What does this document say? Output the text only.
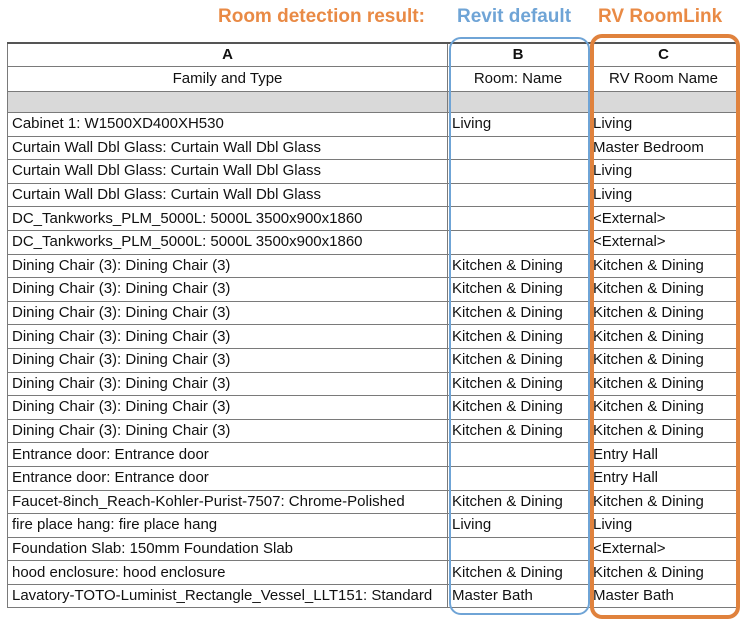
Room detection result: Revit default RV RoomLink
A	B	C
Family and Type	Room: Name	RV Room Name

Cabinet 1: W1500XD400XH530	Living	Living
Curtain Wall Dbl Glass: Curtain Wall Dbl Glass		Master Bedroom
Curtain Wall Dbl Glass: Curtain Wall Dbl Glass		Living
Curtain Wall Dbl Glass: Curtain Wall Dbl Glass		Living
DC_Tankworks_PLM_5000L: 5000L 3500x900x1860		<External>
DC_Tankworks_PLM_5000L: 5000L 3500x900x1860		<External>
Dining Chair (3): Dining Chair (3)	Kitchen & Dining	Kitchen & Dining
Dining Chair (3): Dining Chair (3)	Kitchen & Dining	Kitchen & Dining
Dining Chair (3): Dining Chair (3)	Kitchen & Dining	Kitchen & Dining
Dining Chair (3): Dining Chair (3)	Kitchen & Dining	Kitchen & Dining
Dining Chair (3): Dining Chair (3)	Kitchen & Dining	Kitchen & Dining
Dining Chair (3): Dining Chair (3)	Kitchen & Dining	Kitchen & Dining
Dining Chair (3): Dining Chair (3)	Kitchen & Dining	Kitchen & Dining
Dining Chair (3): Dining Chair (3)	Kitchen & Dining	Kitchen & Dining
Entrance door: Entrance door		Entry Hall
Entrance door: Entrance door		Entry Hall
Faucet-8inch_Reach-Kohler-Purist-7507: Chrome-Polished	Kitchen & Dining	Kitchen & Dining
fire place hang: fire place hang	Living	Living
Foundation Slab: 150mm Foundation Slab		<External>
hood enclosure: hood enclosure	Kitchen & Dining	Kitchen & Dining
Lavatory-TOTO-Luminist_Rectangle_Vessel_LLT151: Standard	Master Bath	Master Bath
